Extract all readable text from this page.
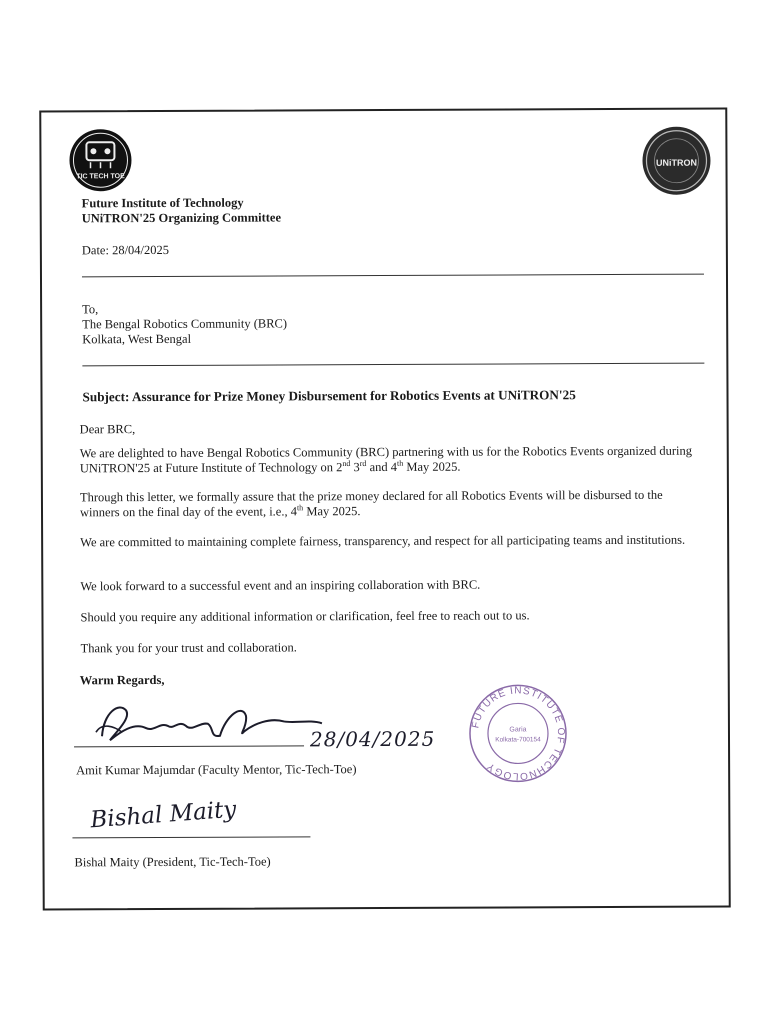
TIC TECH TOE
UNiTRON
Future Institute of Technology
UNiTRON'25 Organizing Committee
Date: 28/04/2025
To,
The Bengal Robotics Community (BRC)
Kolkata, West Bengal
Subject: Assurance for Prize Money Disbursement for Robotics Events at UNiTRON'25

Dear BRC,

We are delighted to have Bengal Robotics Community (BRC) partnering with us for the Robotics Events organized during UNiTRON'25 at Future Institute of Technology on 2nd 3rd and 4th May 2025.

Through this letter, we formally assure that the prize money declared for all Robotics Events will be disbursed to the winners on the final day of the event, i.e., 4th May 2025.

We are committed to maintaining complete fairness, transparency, and respect for all participating teams and institutions.

We look forward to a successful event and an inspiring collaboration with BRC.

Should you require any additional information or clarification, feel free to reach out to us.

Thank you for your trust and collaboration.

Warm Regards,
28/04/2025
Amit Kumar Majumdar (Faculty Mentor, Tic-Tech-Toe)
Bishal Maity
Bishal Maity (President, Tic-Tech-Toe)
FUTURE INSTITUTE OF TECHNOLOGY
Garia
Kolkata-700154
